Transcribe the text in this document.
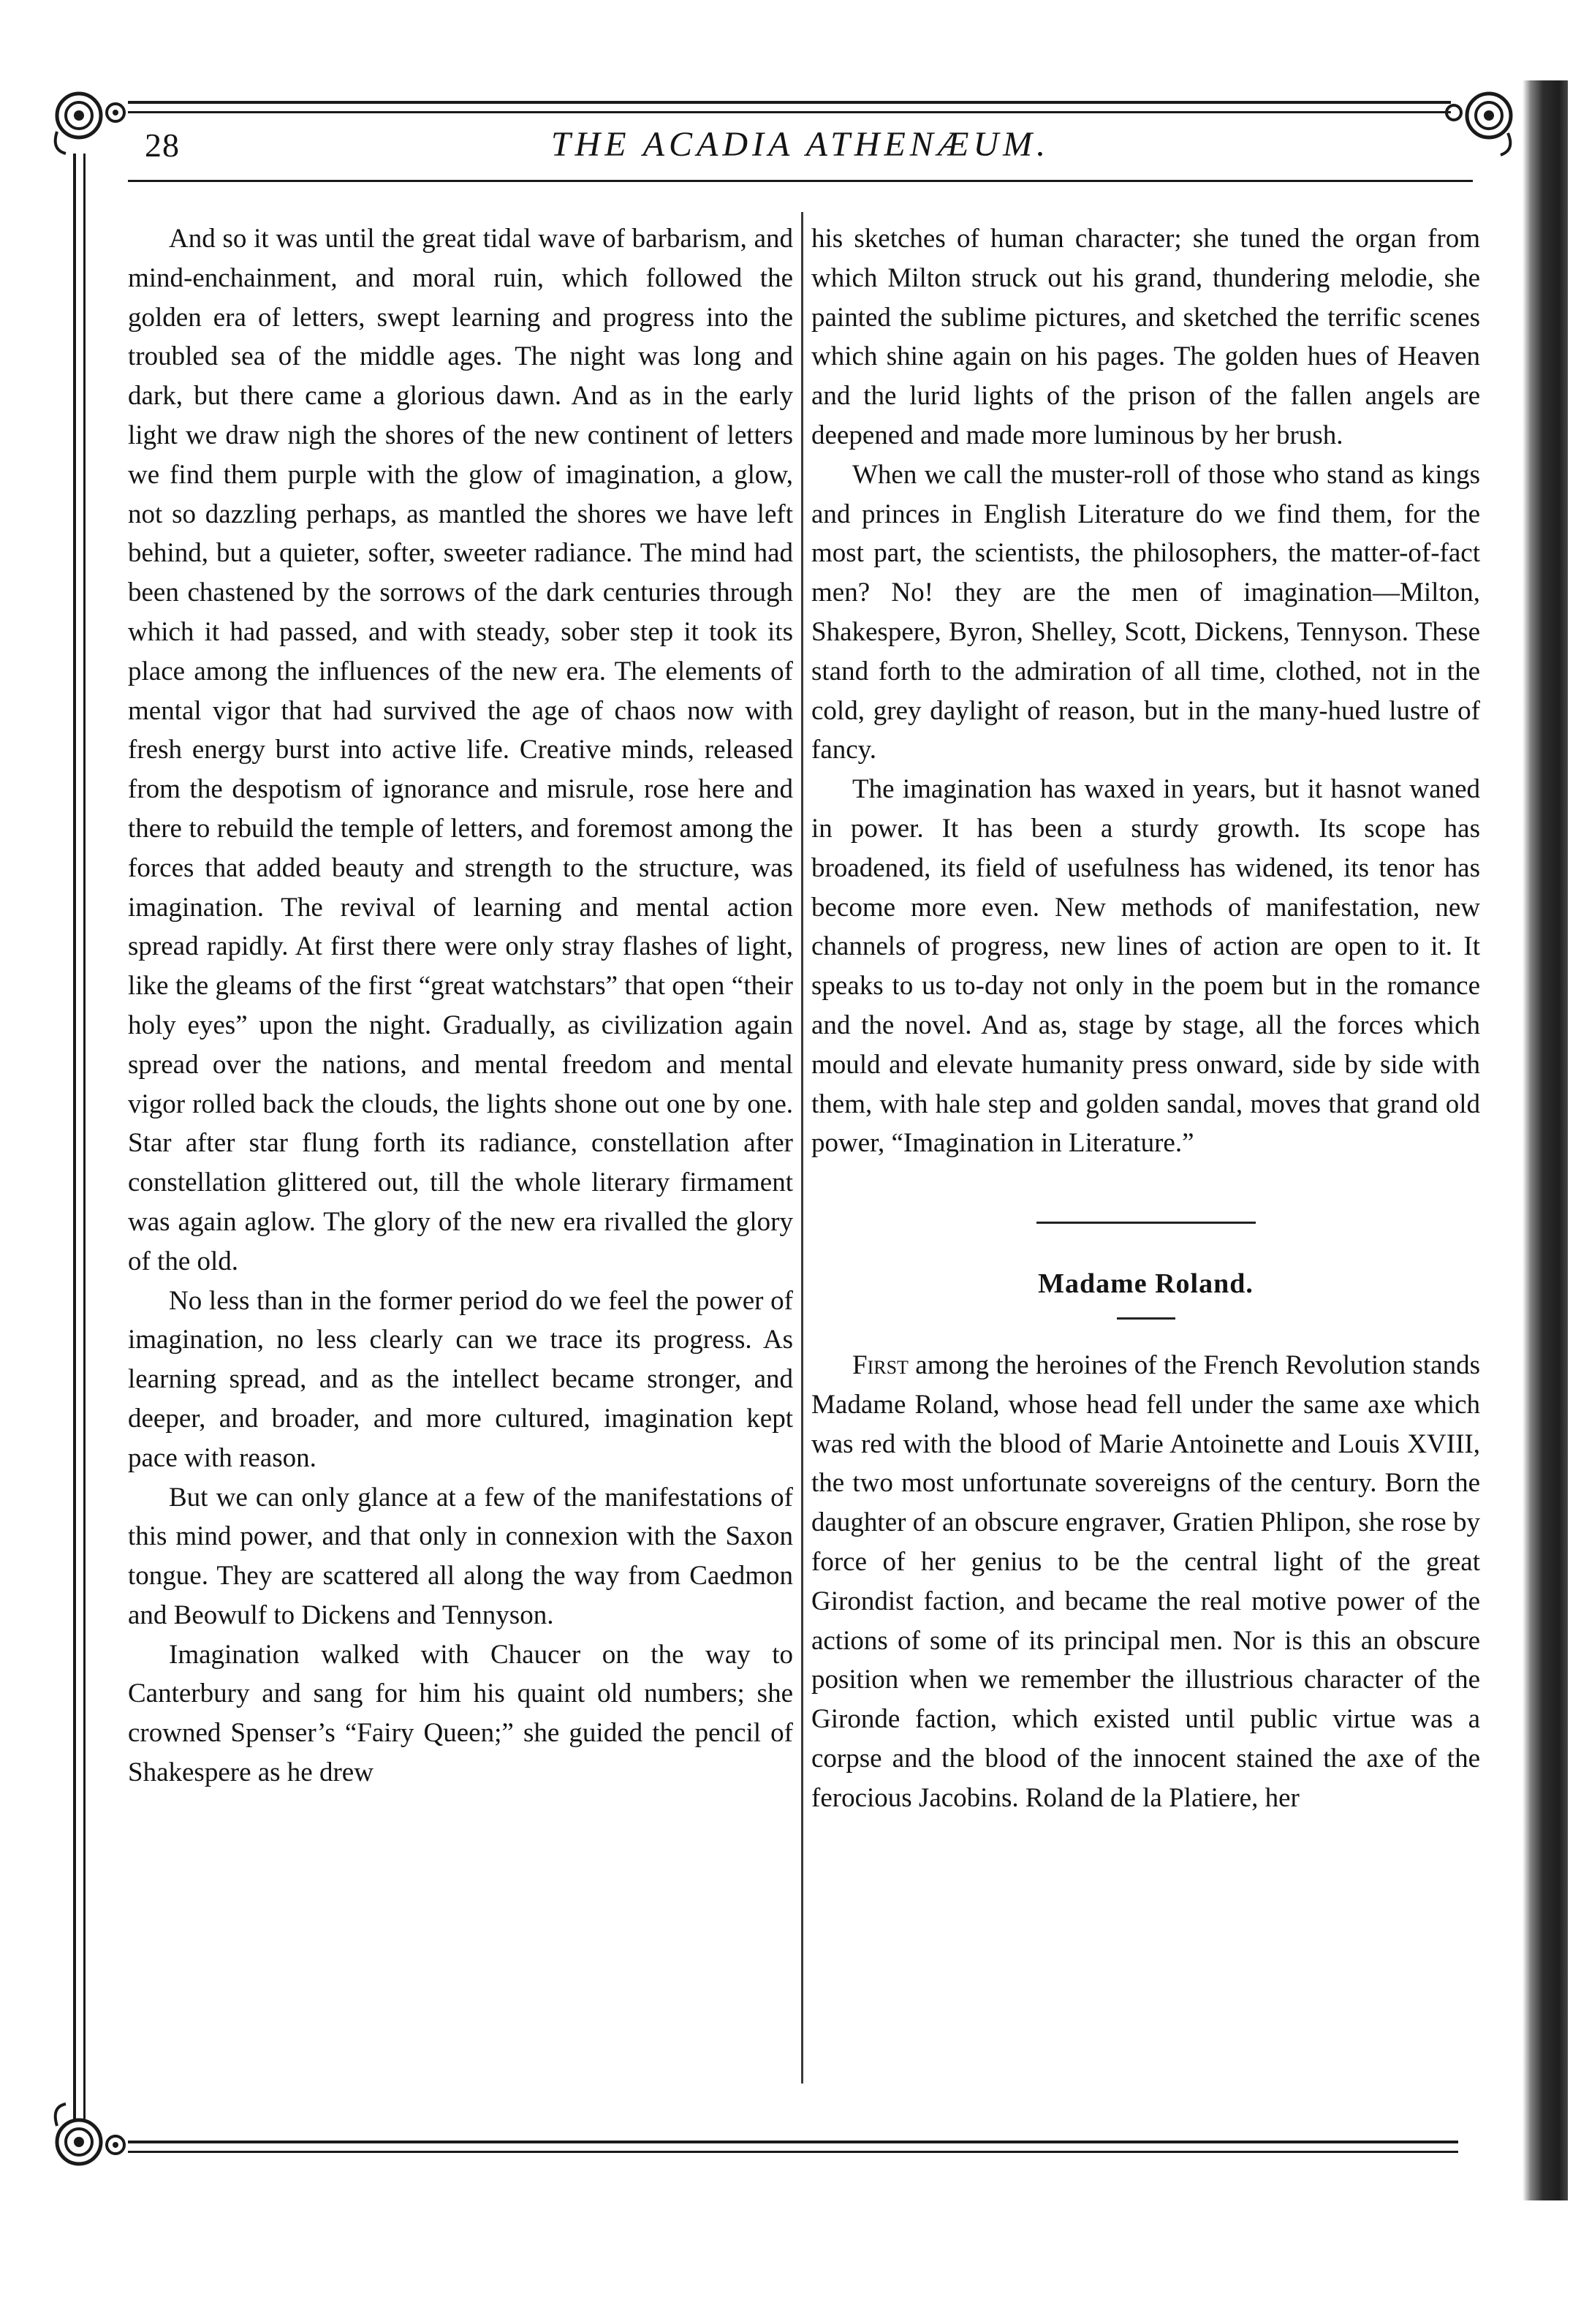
28	THE ACADIA ATHENÆUM.

And so it was until the great tidal wave of barbarism, and mind-enchainment, and moral ruin, which followed the golden era of letters, swept learning and progress into the troubled sea of the middle ages. The night was long and dark, but there came a glorious dawn. And as in the early light we draw nigh the shores of the new continent of letters we find them purple with the glow of imagination, a glow, not so dazzling perhaps, as mantled the shores we have left behind, but a quieter, softer, sweeter radiance. The mind had been chastened by the sorrows of the dark centuries through which it had passed, and with steady, sober step it took its place among the influences of the new era. The elements of mental vigor that had survived the age of chaos now with fresh energy burst into active life. Creative minds, released from the despotism of ignorance and misrule, rose here and there to rebuild the temple of letters, and foremost among the forces that added beauty and strength to the structure, was imagination. The revival of learning and mental action spread rapidly. At first there were only stray flashes of light, like the gleams of the first “great watchstars” that open “their holy eyes” upon the night. Gradually, as civilization again spread over the nations, and mental freedom and mental vigor rolled back the clouds, the lights shone out one by one. Star after star flung forth its radiance, constellation after constellation glittered out, till the whole literary firmament was again aglow. The glory of the new era rivalled the glory of the old.

No less than in the former period do we feel the power of imagination, no less clearly can we trace its progress. As learning spread, and as the intellect became stronger, and deeper, and broader, and more cultured, imagination kept pace with reason.

But we can only glance at a few of the manifestations of this mind power, and that only in connexion with the Saxon tongue. They are scattered all along the way from Caedmon and Beowulf to Dickens and Tennyson.

Imagination walked with Chaucer on the way to Canterbury and sang for him his quaint old numbers; she crowned Spenser’s “Fairy Queen;” she guided the pencil of Shakespere as he drew

his sketches of human character; she tuned the organ from which Milton struck out his grand, thundering melodie, she painted the sublime pictures, and sketched the terrific scenes which shine again on his pages. The golden hues of Heaven and the lurid lights of the prison of the fallen angels are deepened and made more luminous by her brush.

When we call the muster-roll of those who stand as kings and princes in English Literature do we find them, for the most part, the scientists, the philosophers, the matter-of-fact men? No! they are the men of imagination—Milton, Shakespere, Byron, Shelley, Scott, Dickens, Tennyson. These stand forth to the admiration of all time, clothed, not in the cold, grey daylight of reason, but in the many-hued lustre of fancy.

The imagination has waxed in years, but it hasnot waned in power. It has been a sturdy growth. Its scope has broadened, its field of usefulness has widened, its tenor has become more even. New methods of manifestation, new channels of progress, new lines of action are open to it. It speaks to us to-day not only in the poem but in the romance and the novel. And as, stage by stage, all the forces which mould and elevate humanity press onward, side by side with them, with hale step and golden sandal, moves that grand old power, “Imagination in Literature.”

Madame Roland.

First among the heroines of the French Revolution stands Madame Roland, whose head fell under the same axe which was red with the blood of Marie Antoinette and Louis XVIII, the two most unfortunate sovereigns of the century. Born the daughter of an obscure engraver, Gratien Phlipon, she rose by force of her genius to be the central light of the great Girondist faction, and became the real motive power of the actions of some of its principal men. Nor is this an obscure position when we remember the illustrious character of the Gironde faction, which existed until public virtue was a corpse and the blood of the innocent stained the axe of the ferocious Jacobins. Roland de la Platiere, her
